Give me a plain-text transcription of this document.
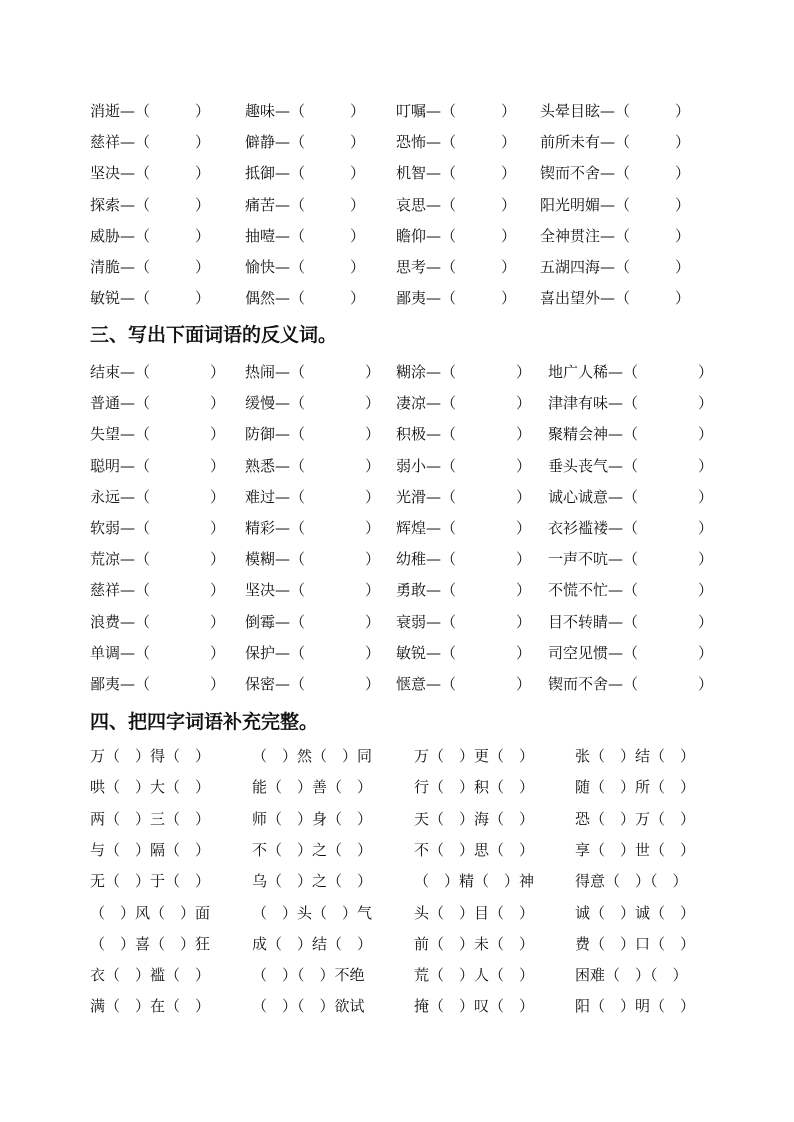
消逝—（　　　） 趣味—（　　　） 叮嘱—（　　　） 头晕目眩—（　　　）
慈祥—（　　　） 僻静—（　　　） 恐怖—（　　　） 前所未有—（　　　）
坚决—（　　　） 抵御—（　　　） 机智—（　　　） 锲而不舍—（　　　）
探索—（　　　） 痛苦—（　　　） 哀思—（　　　） 阳光明媚—（　　　）
威胁—（　　　） 抽噎—（　　　） 瞻仰—（　　　） 全神贯注—（　　　）
清脆—（　　　） 愉快—（　　　） 思考—（　　　） 五湖四海—（　　　）
敏锐—（　　　） 偶然—（　　　） 鄙夷—（　　　） 喜出望外—（　　　）
三、写出下面词语的反义词。
结束—（　　　　） 热闹—（　　　　） 糊涂—（　　　　） 地广人稀—（　　　　）
普通—（　　　　） 缓慢—（　　　　） 凄凉—（　　　　） 津津有味—（　　　　）
失望—（　　　　） 防御—（　　　　） 积极—（　　　　） 聚精会神—（　　　　）
聪明—（　　　　） 熟悉—（　　　　） 弱小—（　　　　） 垂头丧气—（　　　　）
永远—（　　　　） 难过—（　　　　） 光滑—（　　　　） 诚心诚意—（　　　　）
软弱—（　　　　） 精彩—（　　　　） 辉煌—（　　　　） 衣衫褴褛—（　　　　）
荒凉—（　　　　） 模糊—（　　　　） 幼稚—（　　　　） 一声不吭—（　　　　）
慈祥—（　　　　） 坚决—（　　　　） 勇敢—（　　　　） 不慌不忙—（　　　　）
浪费—（　　　　） 倒霉—（　　　　） 衰弱—（　　　　） 目不转睛—（　　　　）
单调—（　　　　） 保护—（　　　　） 敏锐—（　　　　） 司空见惯—（　　　　）
鄙夷—（　　　　） 保密—（　　　　） 惬意—（　　　　） 锲而不舍—（　　　　）
四、把四字词语补充完整。
万（　）得（　）	（　）然（　）同	万（　）更（　）	张（　）结（　）
哄（　）大（　）	能（　）善（　）	行（　）积（　）	随（　）所（　）
两（　）三（　）	师（　）身（　）	天（　）海（　）	恐（　）万（　）
与（　）隔（　）	不（　）之（　）	不（　）思（　）	享（　）世（　）
无（　）于（　）	乌（　）之（　）	（　）精（　）神	得意（　）（　）
（　）风（　）面	（　）头（　）气	头（　）目（　）	诚（　）诚（　）
（　）喜（　）狂	成（　）结（　）	前（　）未（　）	费（　）口（　）
衣（　）褴（　）	（　）（　）不绝	荒（　）人（　）	困难（　）（　）
满（　）在（　）	（　）（　）欲试	掩（　）叹（　）	阳（　）明（　）
